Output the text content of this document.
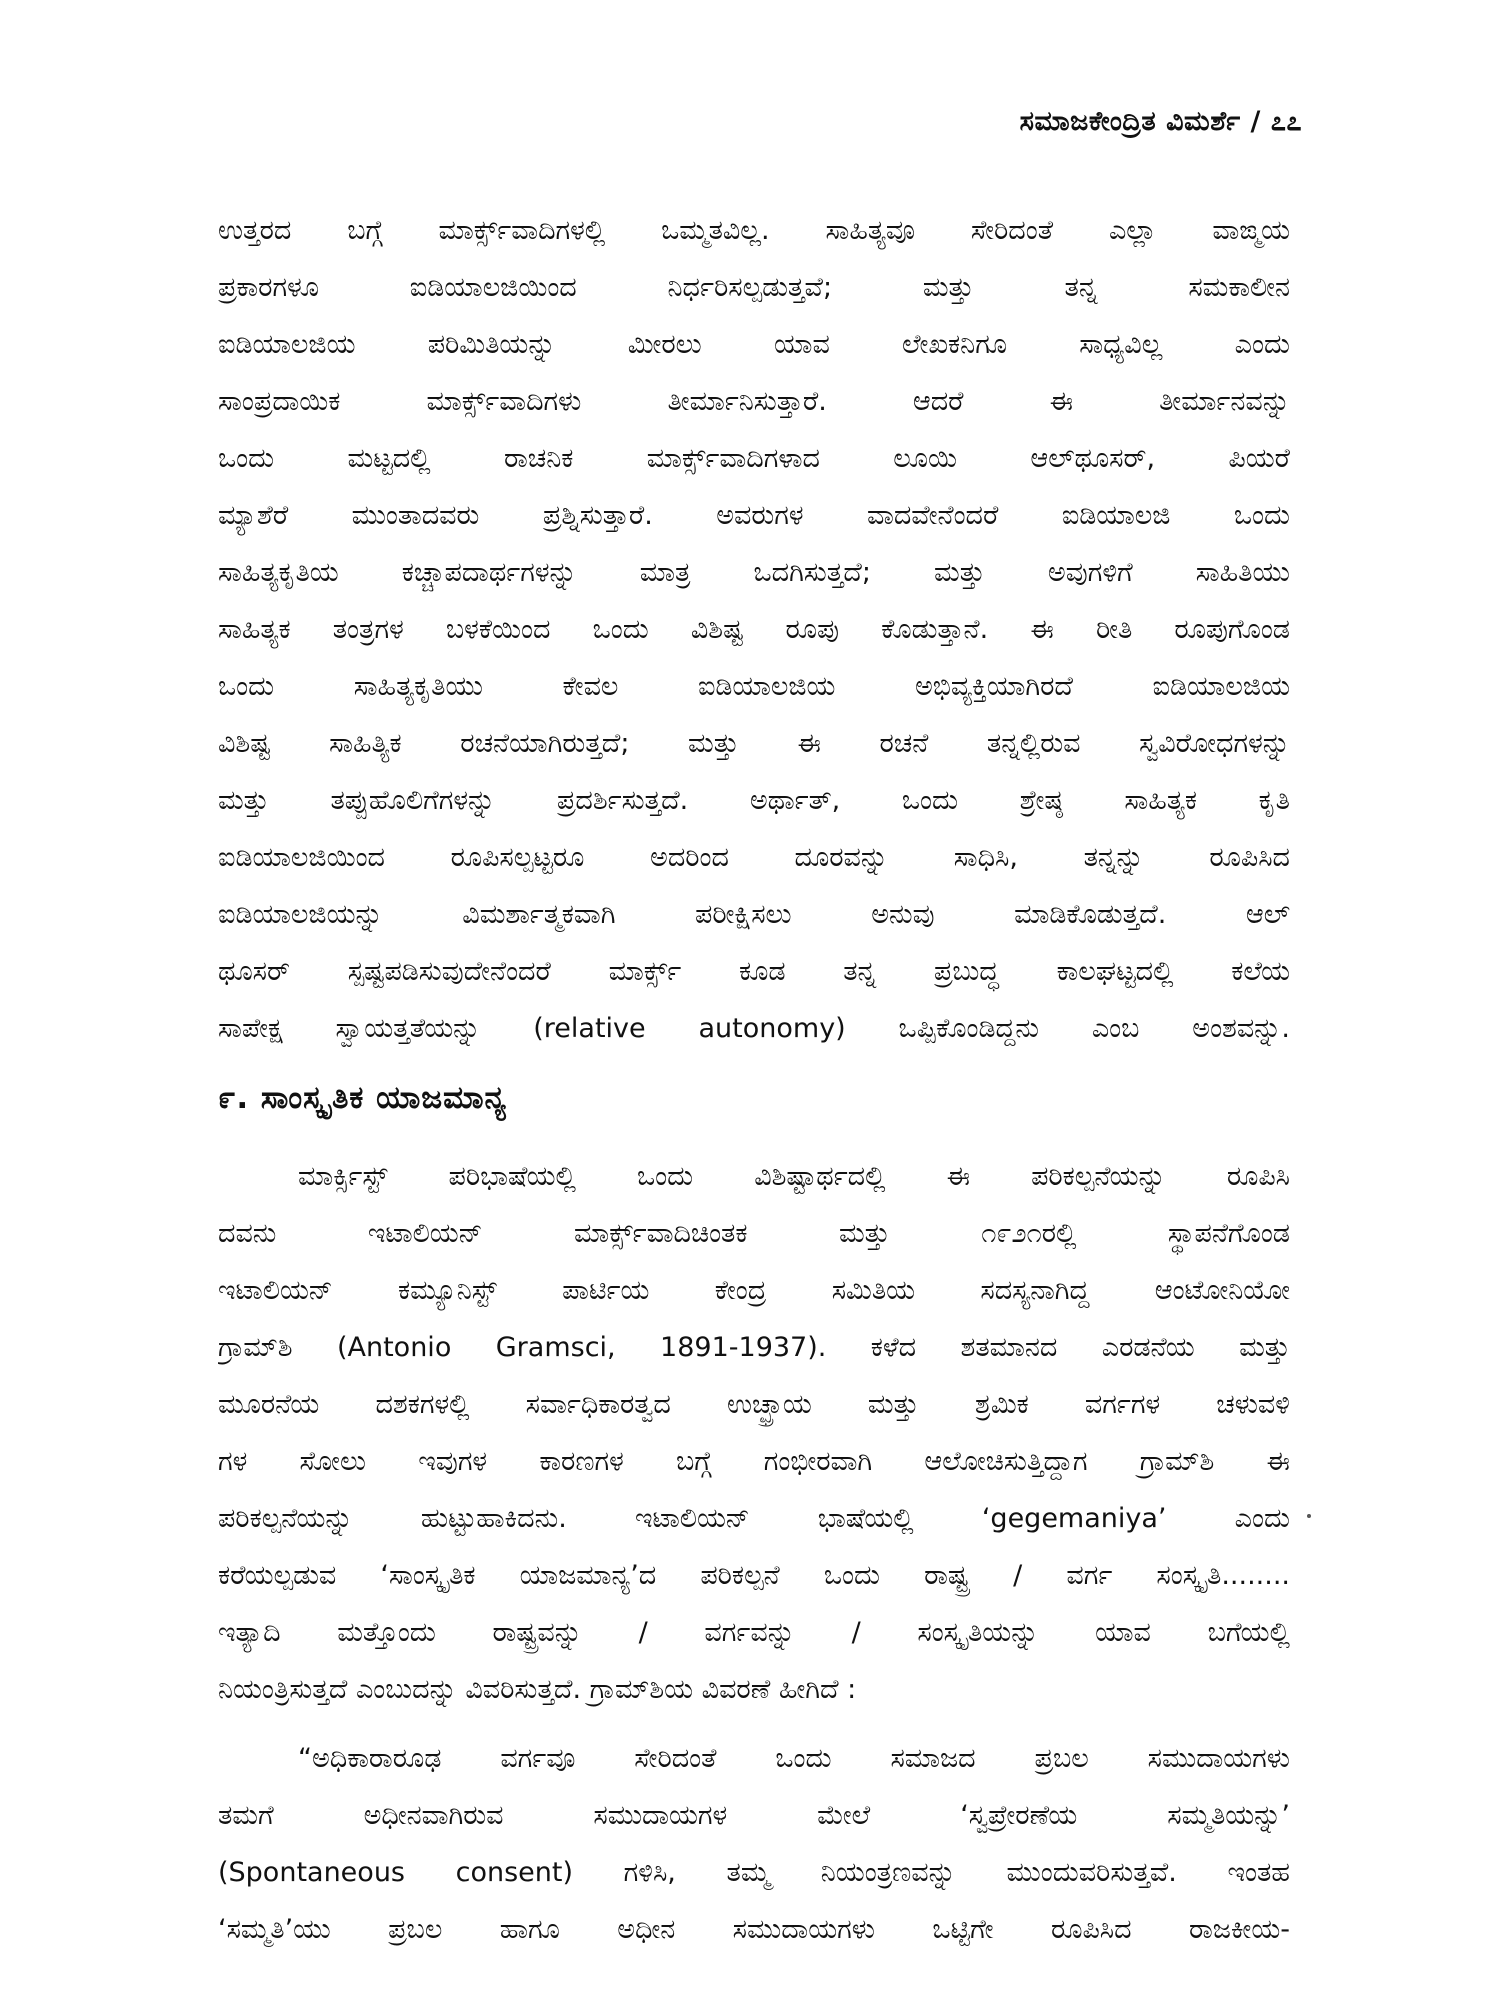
ಸಮಾಜಕೇಂದ್ರಿತ ವಿಮರ್ಶೆ / ೭೭
ಉತ್ತರದ ಬಗ್ಗೆ ಮಾರ್ಕ್ಸ್‌ವಾದಿಗಳಲ್ಲಿ ಒಮ್ಮತವಿಲ್ಲ. ಸಾಹಿತ್ಯವೂ ಸೇರಿದಂತೆ ಎಲ್ಲಾ ವಾಙ್ಮಯ
ಪ್ರಕಾರಗಳೂ ಐಡಿಯಾಲಜಿಯಿಂದ ನಿರ್ಧರಿಸಲ್ಪಡುತ್ತವೆ; ಮತ್ತು ತನ್ನ ಸಮಕಾಲೀನ
ಐಡಿಯಾಲಜಿಯ ಪರಿಮಿತಿಯನ್ನು ಮೀರಲು ಯಾವ ಲೇಖಕನಿಗೂ ಸಾಧ್ಯವಿಲ್ಲ ಎಂದು
ಸಾಂಪ್ರದಾಯಿಕ ಮಾರ್ಕ್ಸ್‌ವಾದಿಗಳು ತೀರ್ಮಾನಿಸುತ್ತಾರೆ. ಆದರೆ ಈ ತೀರ್ಮಾನವನ್ನು
ಒಂದು ಮಟ್ಟದಲ್ಲಿ ರಾಚನಿಕ ಮಾರ್ಕ್ಸ್‌ವಾದಿಗಳಾದ ಲೂಯಿ ಆಲ್‌ಥೂಸರ್, ಪಿಯರೆ
ಮ್ಯಾಶೆರೆ ಮುಂತಾದವರು ಪ್ರಶ್ನಿಸುತ್ತಾರೆ. ಅವರುಗಳ ವಾದವೇನೆಂದರೆ ಐಡಿಯಾಲಜಿ ಒಂದು
ಸಾಹಿತ್ಯಕೃತಿಯ ಕಚ್ಚಾಪದಾರ್ಥಗಳನ್ನು ಮಾತ್ರ ಒದಗಿಸುತ್ತದೆ; ಮತ್ತು ಅವುಗಳಿಗೆ ಸಾಹಿತಿಯು
ಸಾಹಿತ್ಯಕ ತಂತ್ರಗಳ ಬಳಕೆಯಿಂದ ಒಂದು ವಿಶಿಷ್ಟ ರೂಪು ಕೊಡುತ್ತಾನೆ. ಈ ರೀತಿ ರೂಪುಗೊಂಡ
ಒಂದು ಸಾಹಿತ್ಯಕೃತಿಯು ಕೇವಲ ಐಡಿಯಾಲಜಿಯ ಅಭಿವ್ಯಕ್ತಿಯಾಗಿರದೆ ಐಡಿಯಾಲಜಿಯ
ವಿಶಿಷ್ಟ ಸಾಹಿತ್ಯಿಕ ರಚನೆಯಾಗಿರುತ್ತದೆ; ಮತ್ತು ಈ ರಚನೆ ತನ್ನಲ್ಲಿರುವ ಸ್ವವಿರೋಧಗಳನ್ನು
ಮತ್ತು ತಪ್ಪುಹೊಲಿಗೆಗಳನ್ನು ಪ್ರದರ್ಶಿಸುತ್ತದೆ. ಅರ್ಥಾತ್, ಒಂದು ಶ್ರೇಷ್ಠ ಸಾಹಿತ್ಯಕ ಕೃತಿ
ಐಡಿಯಾಲಜಿಯಿಂದ ರೂಪಿಸಲ್ಪಟ್ಟರೂ ಅದರಿಂದ ದೂರವನ್ನು ಸಾಧಿಸಿ, ತನ್ನನ್ನು ರೂಪಿಸಿದ
ಐಡಿಯಾಲಜಿಯನ್ನು ವಿಮರ್ಶಾತ್ಮಕವಾಗಿ ಪರೀಕ್ಷಿಸಲು ಅನುವು ಮಾಡಿಕೊಡುತ್ತದೆ. ಆಲ್
ಥೂಸರ್ ಸ್ಪಷ್ಟಪಡಿಸುವುದೇನೆಂದರೆ ಮಾರ್ಕ್ಸ್ ಕೂಡ ತನ್ನ ಪ್ರಬುದ್ಧ ಕಾಲಘಟ್ಟದಲ್ಲಿ ಕಲೆಯ
ಸಾಪೇಕ್ಷ ಸ್ವಾಯತ್ತತೆಯನ್ನು (relative autonomy) ಒಪ್ಪಿಕೊಂಡಿದ್ದನು ಎಂಬ ಅಂಶವನ್ನು.
೯. ಸಾಂಸ್ಕೃತಿಕ ಯಾಜಮಾನ್ಯ
ಮಾರ್ಕ್ಸಿಸ್ಟ್ ಪರಿಭಾಷೆಯಲ್ಲಿ ಒಂದು ವಿಶಿಷ್ಟಾರ್ಥದಲ್ಲಿ ಈ ಪರಿಕಲ್ಪನೆಯನ್ನು ರೂಪಿಸಿ
ದವನು ಇಟಾಲಿಯನ್ ಮಾರ್ಕ್ಸ್‌ವಾದಿಚಿಂತಕ ಮತ್ತು ೧೯೨೧ರಲ್ಲಿ ಸ್ಥಾಪನೆಗೊಂಡ
ಇಟಾಲಿಯನ್ ಕಮ್ಯೂನಿಸ್ಟ್ ಪಾರ್ಟಿಯ ಕೇಂದ್ರ ಸಮಿತಿಯ ಸದಸ್ಯನಾಗಿದ್ದ ಆಂಟೋನಿಯೋ
ಗ್ರಾಮ್‌ಶಿ (Antonio Gramsci, 1891-1937). ಕಳೆದ ಶತಮಾನದ ಎರಡನೆಯ ಮತ್ತು
ಮೂರನೆಯ ದಶಕಗಳಲ್ಲಿ ಸರ್ವಾಧಿಕಾರತ್ವದ ಉಚ್ಛ್ರಾಯ ಮತ್ತು ಶ್ರಮಿಕ ವರ್ಗಗಳ ಚಳುವಳಿ
ಗಳ ಸೋಲು ಇವುಗಳ ಕಾರಣಗಳ ಬಗ್ಗೆ ಗಂಭೀರವಾಗಿ ಆಲೋಚಿಸುತ್ತಿದ್ದಾಗ ಗ್ರಾಮ್‌ಶಿ ಈ
ಪರಿಕಲ್ಪನೆಯನ್ನು ಹುಟ್ಟುಹಾಕಿದನು. ಇಟಾಲಿಯನ್ ಭಾಷೆಯಲ್ಲಿ ‘gegemaniya’ ಎಂದು
ಕರೆಯಲ್ಪಡುವ ‘ಸಾಂಸ್ಕೃತಿಕ ಯಾಜಮಾನ್ಯ’ದ ಪರಿಕಲ್ಪನೆ ಒಂದು ರಾಷ್ಟ್ರ / ವರ್ಗ ಸಂಸ್ಕೃತಿ........
ಇತ್ಯಾದಿ ಮತ್ತೊಂದು ರಾಷ್ಟ್ರವನ್ನು / ವರ್ಗವನ್ನು / ಸಂಸ್ಕೃತಿಯನ್ನು ಯಾವ ಬಗೆಯಲ್ಲಿ
ನಿಯಂತ್ರಿಸುತ್ತದೆ ಎಂಬುದನ್ನು ವಿವರಿಸುತ್ತದೆ. ಗ್ರಾಮ್‌ಶಿಯ ವಿವರಣೆ ಹೀಗಿದೆ :
“ಅಧಿಕಾರಾರೂಢ ವರ್ಗವೂ ಸೇರಿದಂತೆ ಒಂದು ಸಮಾಜದ ಪ್ರಬಲ ಸಮುದಾಯಗಳು
ತಮಗೆ ಅಧೀನವಾಗಿರುವ ಸಮುದಾಯಗಳ ಮೇಲೆ ‘ಸ್ವಪ್ರೇರಣೆಯ ಸಮ್ಮತಿಯನ್ನು’
(Spontaneous consent) ಗಳಿಸಿ, ತಮ್ಮ ನಿಯಂತ್ರಣವನ್ನು ಮುಂದುವರಿಸುತ್ತವೆ. ಇಂತಹ
‘ಸಮ್ಮತಿ’ಯು ಪ್ರಬಲ ಹಾಗೂ ಅಧೀನ ಸಮುದಾಯಗಳು ಒಟ್ಟಿಗೇ ರೂಪಿಸಿದ ರಾಜಕೀಯ-
